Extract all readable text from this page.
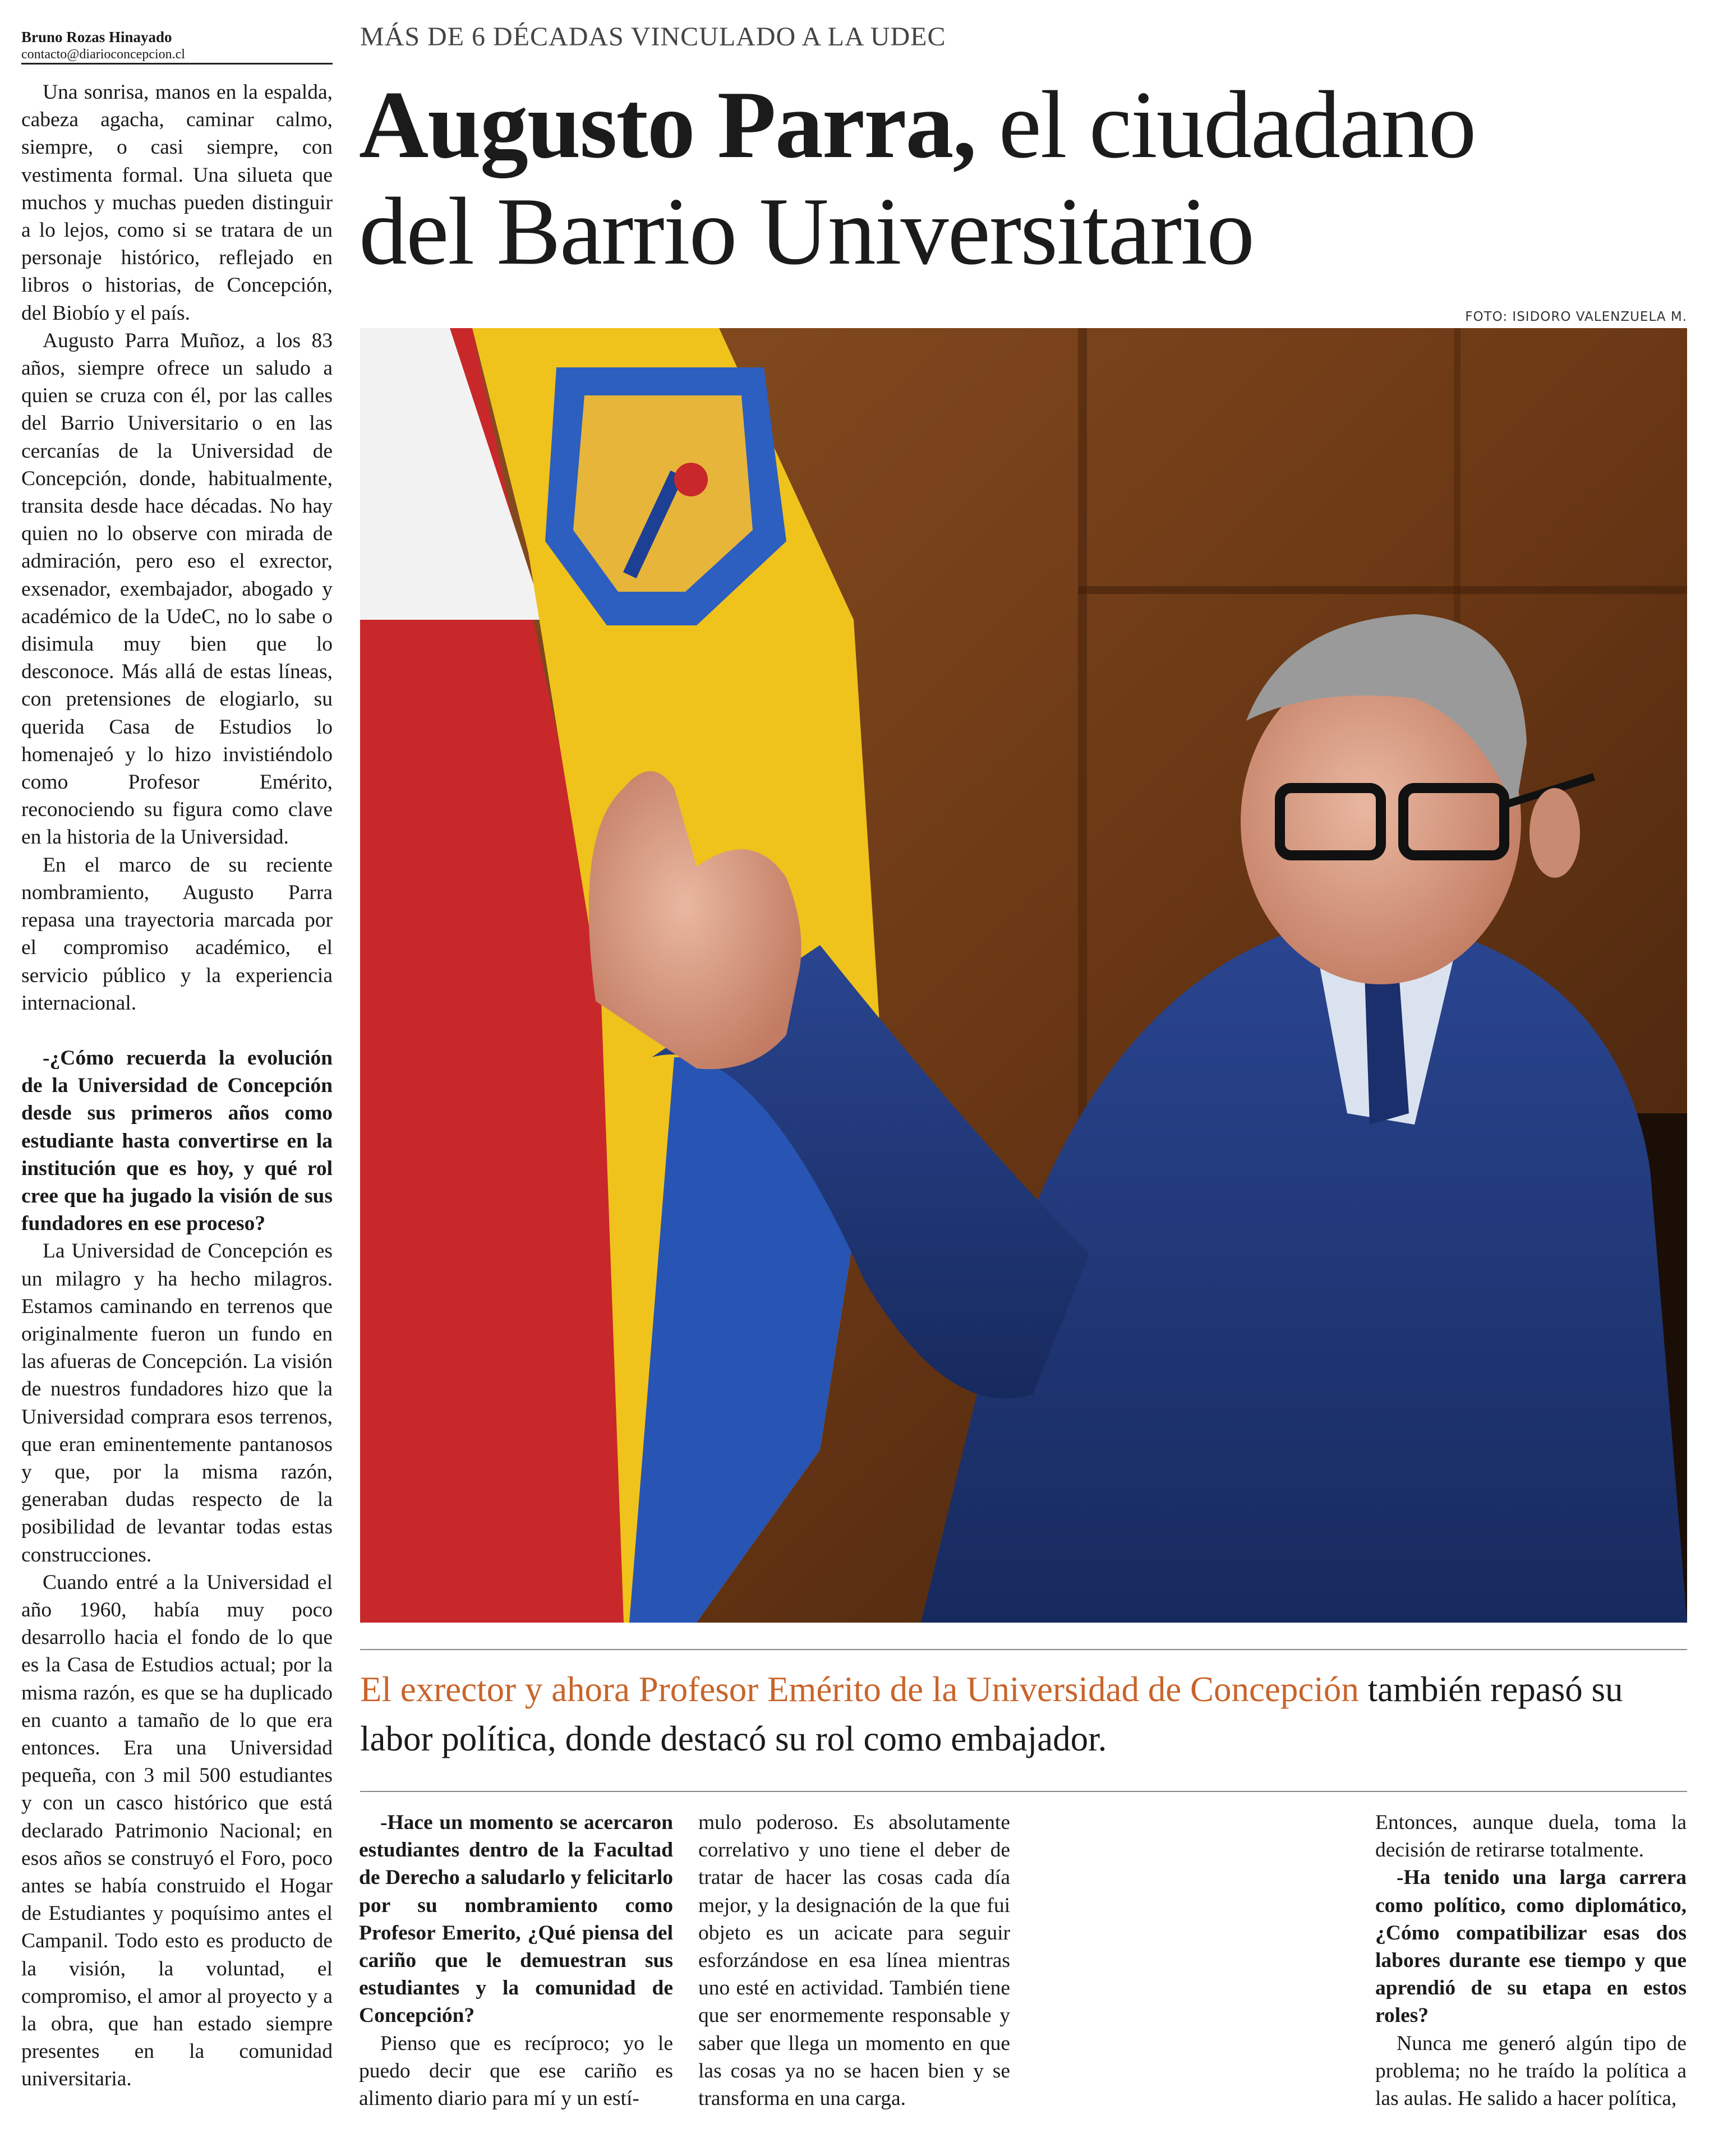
Bruno Rozas Hinayado
contacto@diarioconcepcion.cl
MÁS DE 6 DÉCADAS VINCULADO A LA UDEC
Augusto Parra, el ciudadano
del Barrio Universitario
FOTO: ISIDORO VALENZUELA M.
El exrector y ahora Profesor Emérito de la Universidad de Concepción también repasó su labor política, donde destacó su rol como embajador.

Una sonrisa, manos en la espalda, cabeza agacha, caminar calmo, siempre, o casi siempre, con vestimenta formal. Una silueta que muchos y muchas pueden distinguir a lo lejos, como si se tratara de un personaje histórico, reflejado en libros o historias, de Concepción, del Biobío y el país.

Augusto Parra Muñoz, a los 83 años, siempre ofrece un saludo a quien se cruza con él, por las calles del Barrio Universitario o en las cercanías de la Universidad de Concepción, donde, habitualmente, transita desde hace décadas. No hay quien no lo observe con mirada de admiración, pero eso el exrector, exsenador, exembajador, abogado y académico de la UdeC, no lo sabe o disimula muy bien que lo desconoce. Más allá de estas líneas, con pretensiones de elogiarlo, su querida Casa de Estudios lo homenajeó y lo hizo invistiéndolo como Profesor Emérito, reconociendo su figura como clave en la historia de la Universidad.

En el marco de su reciente nombramiento, Augusto Parra repasa una trayectoria marcada por el compromiso académico, el servicio público y la experiencia internacional.

-¿Cómo recuerda la evolución de la Universidad de Concepción desde sus primeros años como estudiante hasta convertirse en la institución que es hoy, y qué rol cree que ha jugado la visión de sus fundadores en ese proceso?

La Universidad de Concepción es un milagro y ha hecho milagros. Estamos caminando en terrenos que originalmente fueron un fundo en las afueras de Concepción. La visión de nuestros fundadores hizo que la Universidad comprara esos terrenos, que eran eminentemente pantanosos y que, por la misma razón, generaban dudas respecto de la posibilidad de levantar todas estas construcciones.

Cuando entré a la Universidad el año 1960, había muy poco desarrollo hacia el fondo de lo que es la Casa de Estudios actual; por la misma razón, es que se ha duplicado en cuanto a tamaño de lo que era entonces. Era una Universidad pequeña, con 3 mil 500 estudiantes y con un casco histórico que está declarado Patrimonio Nacional; en esos años se construyó el Foro, poco antes se había construido el Hogar de Estudiantes y poquísimo antes el Campanil. Todo esto es producto de la visión, la voluntad, el compromiso, el amor al proyecto y a la obra, que han estado siempre presentes en la comunidad universitaria.

-Hace un momento se acercaron estudiantes dentro de la Facultad de Derecho a saludarlo y felicitarlo por su nombramiento como Profesor Emerito, ¿Qué piensa del cariño que le demuestran sus estudiantes y la comunidad de Concepción?

Pienso que es recíproco; yo le puedo decir que ese cariño es alimento diario para mí y un estí-

mulo poderoso. Es absolutamente correlativo y uno tiene el deber de tratar de hacer las cosas cada día mejor, y la designación de la que fui objeto es un acicate para seguir esforzándose en esa línea mientras uno esté en actividad. También tiene que ser enormemente responsable y saber que llega un momento en que las cosas ya no se hacen bien y se transforma en una carga.

Entonces, aunque duela, toma la decisión de retirarse totalmente.

-Ha tenido una larga carrera como político, como diplomático, ¿Cómo compatibilizar esas dos labores durante ese tiempo y que aprendió de su etapa en estos roles?

Nunca me generó algún tipo de problema; no he traído la política a las aulas. He salido a hacer política,
